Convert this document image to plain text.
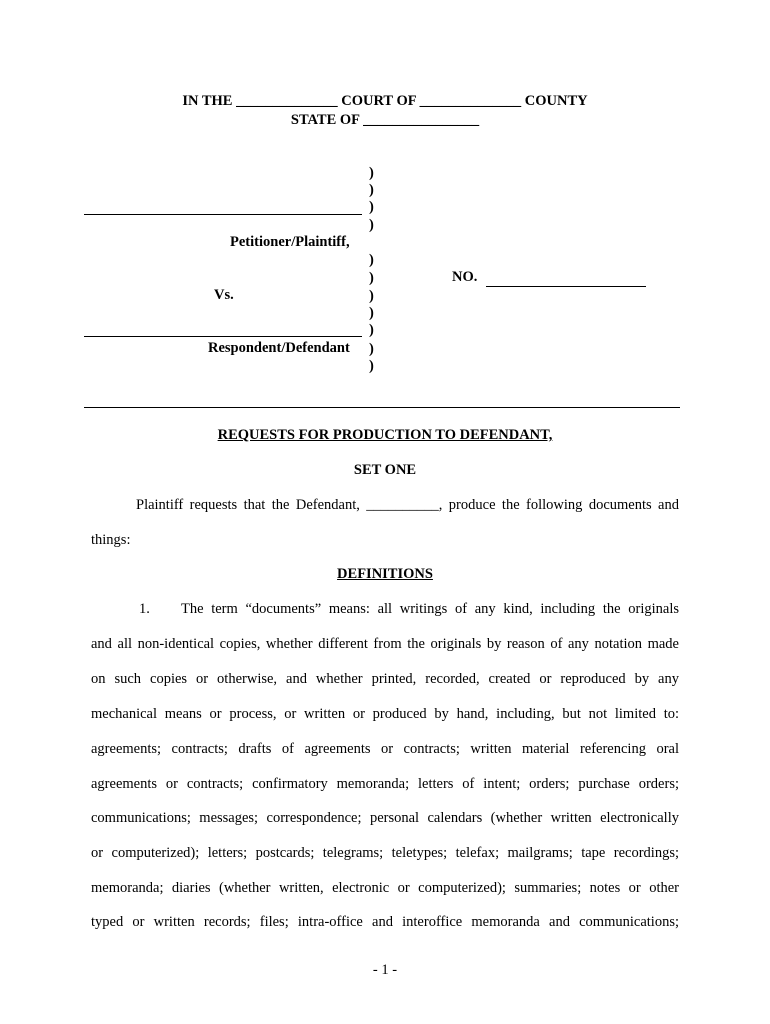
IN THE ______________ COURT OF ______________ COUNTY
STATE OF ________________
)
)
)
)
)
)
)
)
)
)
)
Petitioner/Plaintiff,
Vs.
Respondent/Defendant
NO.
REQUESTS FOR PRODUCTION TO DEFENDANT,
SET ONE
Plaintiff requests that the Defendant, __________, produce the following documents and
things:
DEFINITIONS
1. The term “documents” means: all writings of any kind, including the originals
and all non-identical copies, whether different from the originals by reason of any notation made
on such copies or otherwise, and whether printed, recorded, created or reproduced by any
mechanical means or process, or written or produced by hand, including, but not limited to:
agreements; contracts; drafts of agreements or contracts; written material referencing oral
agreements or contracts; confirmatory memoranda; letters of intent; orders; purchase orders;
communications; messages; correspondence; personal calendars (whether written electronically
or computerized); letters; postcards; telegrams; teletypes; telefax; mailgrams; tape recordings;
memoranda; diaries (whether written, electronic or computerized); summaries; notes or other
typed or written records; files; intra-office and interoffice memoranda and communications;
- 1 -
